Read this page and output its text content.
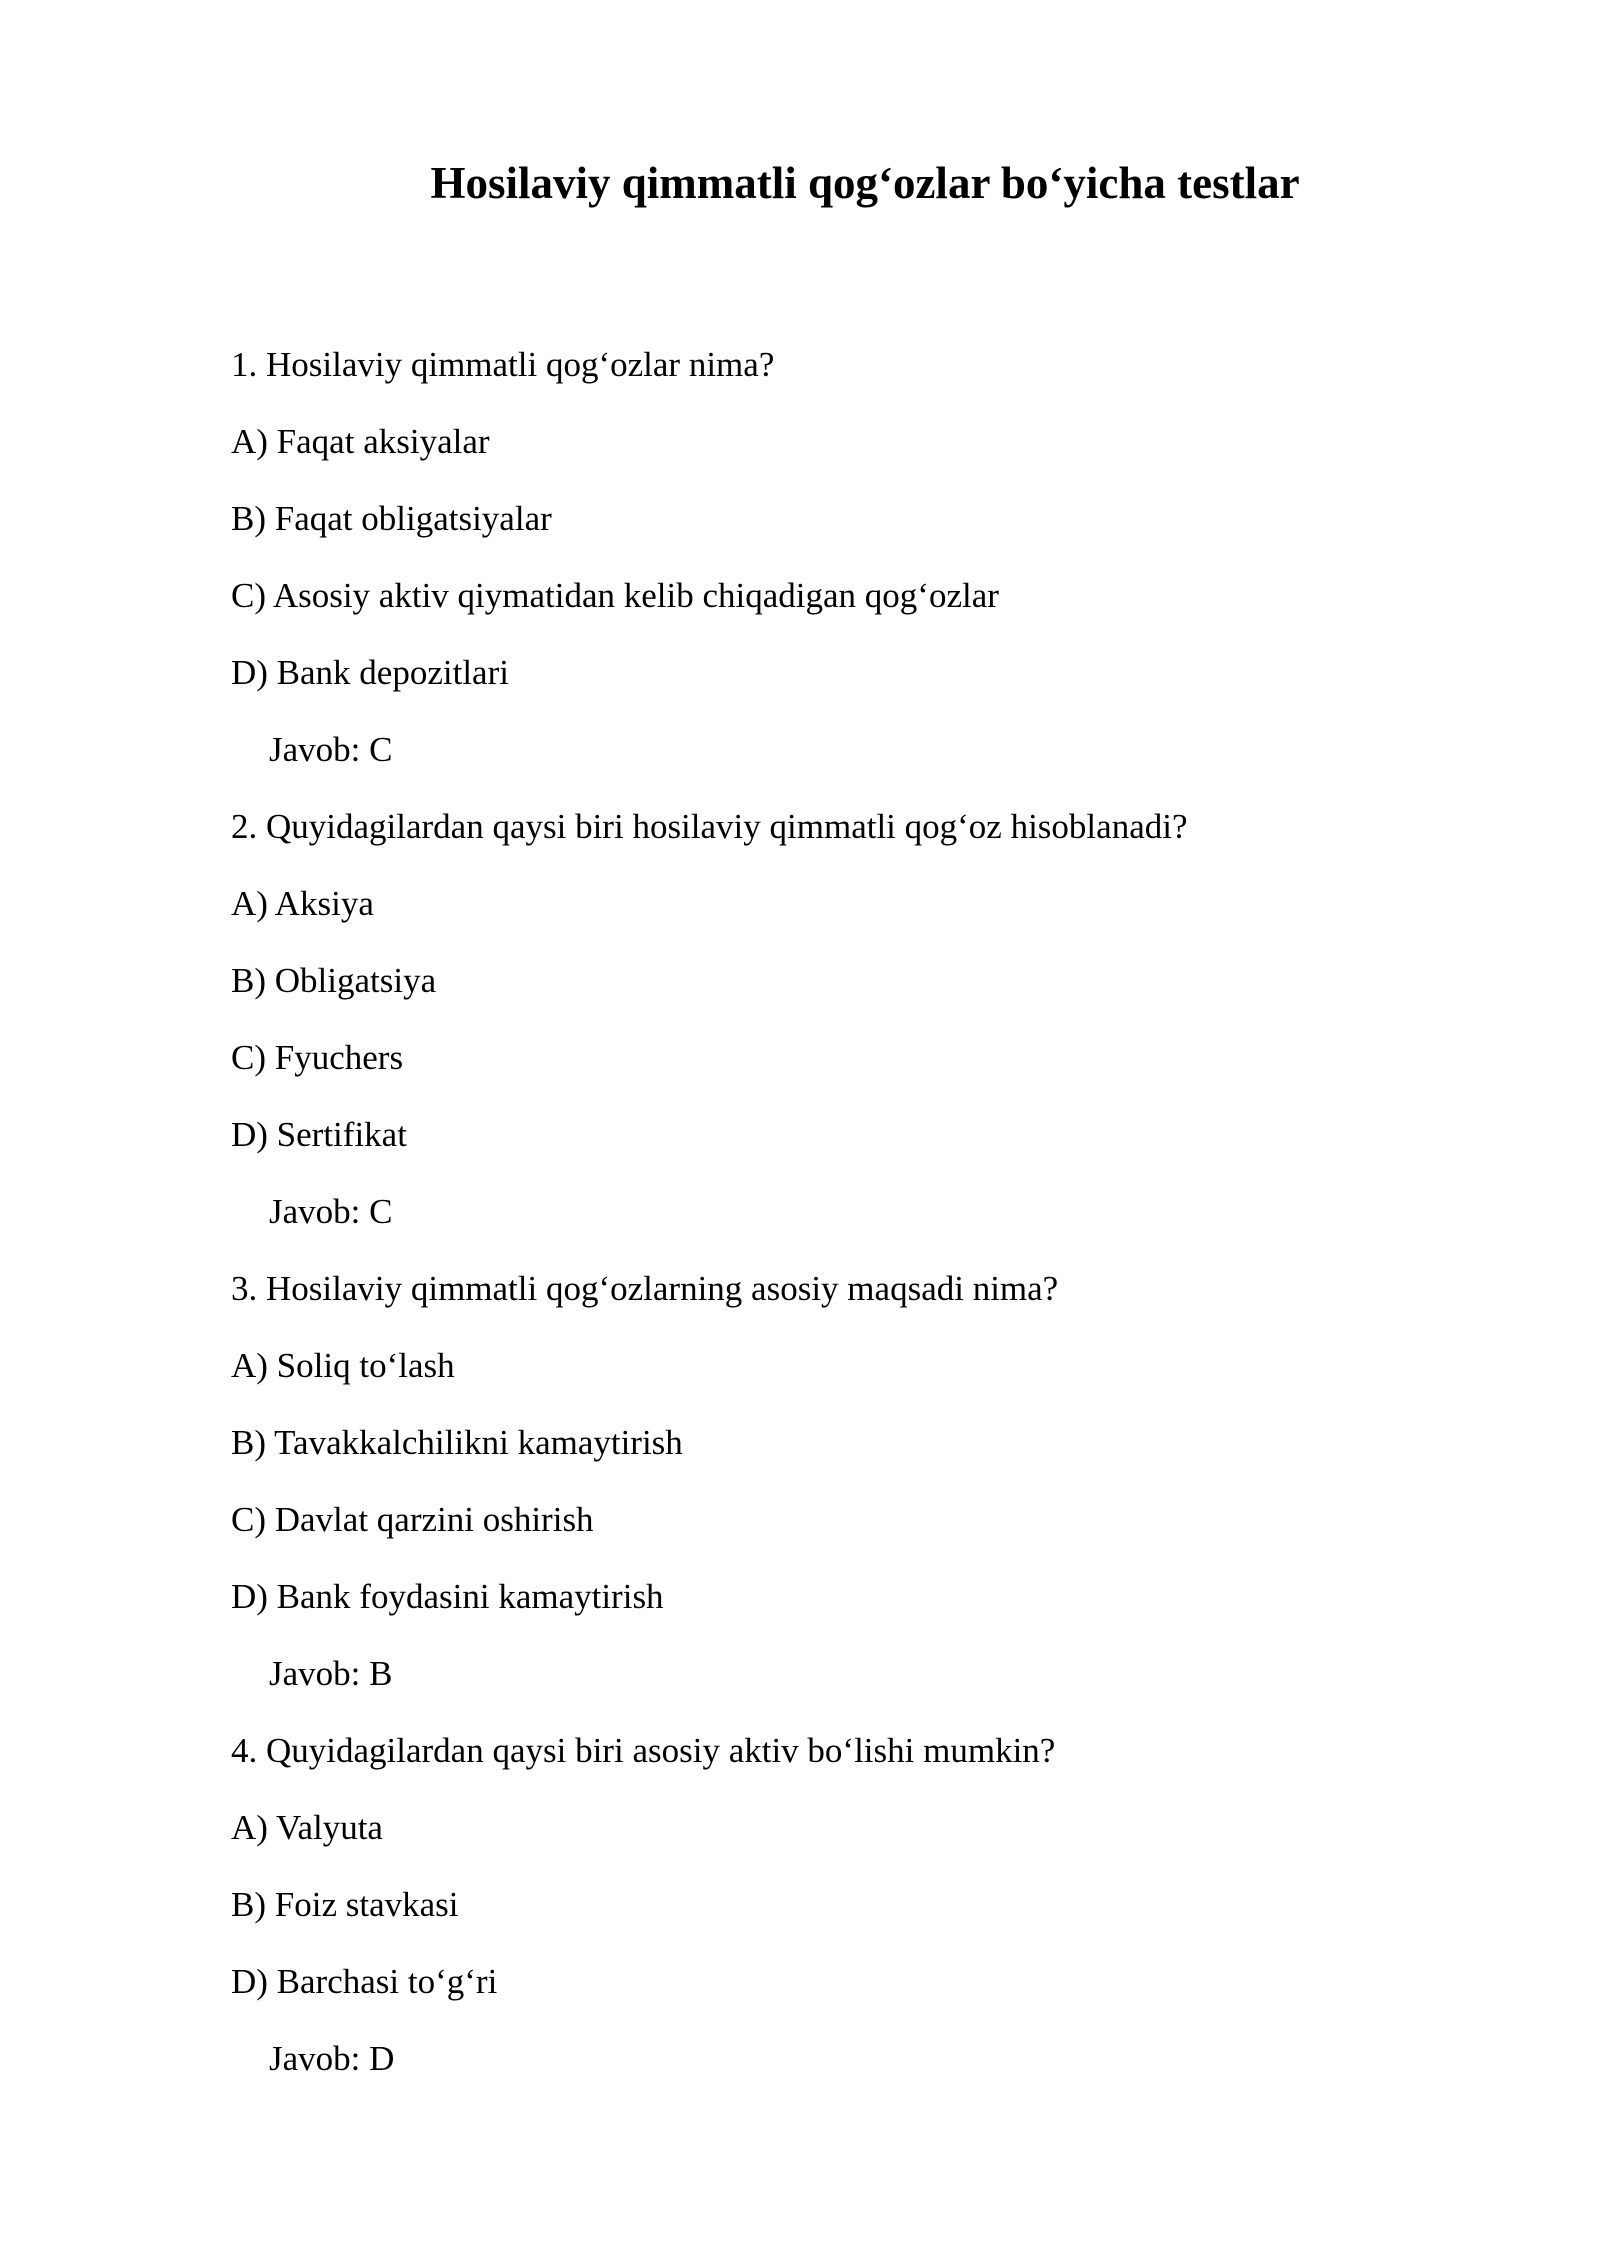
Hosilaviy qimmatli qog‘ozlar bo‘yicha testlar
1. Hosilaviy qimmatli qog‘ozlar nima?
A) Faqat aksiyalar
B) Faqat obligatsiyalar
C) Asosiy aktiv qiymatidan kelib chiqadigan qog‘ozlar
D) Bank depozitlari
Javob: C
2. Quyidagilardan qaysi biri hosilaviy qimmatli qog‘oz hisoblanadi?
A) Aksiya
B) Obligatsiya
C) Fyuchers
D) Sertifikat
Javob: C
3. Hosilaviy qimmatli qog‘ozlarning asosiy maqsadi nima?
A) Soliq to‘lash
B) Tavakkalchilikni kamaytirish
C) Davlat qarzini oshirish
D) Bank foydasini kamaytirish
Javob: B
4. Quyidagilardan qaysi biri asosiy aktiv bo‘lishi mumkin?
A) Valyuta
B) Foiz stavkasi
D) Barchasi to‘g‘ri
Javob: D
